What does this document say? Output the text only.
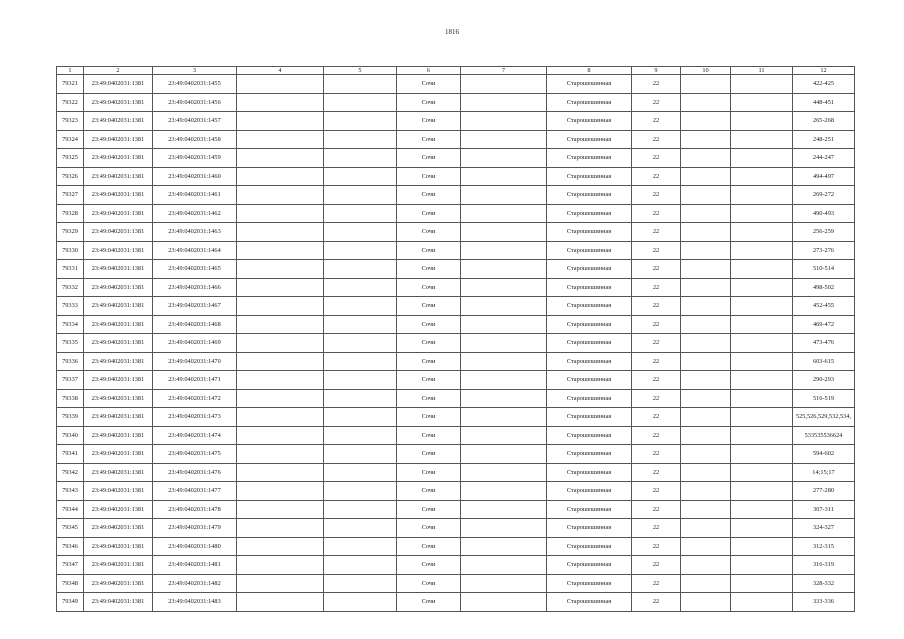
1816
1	2	3	4	5	6	7	8	9	10	11	12
79321	23:49:0402031:1381	23:49:0402031:1455			Сочи		Старошешинная	22			422-425
79322	23:49:0402031:1381	23:49:0402031:1456			Сочи		Старошешинная	22			448-451
79323	23:49:0402031:1381	23:49:0402031:1457			Сочи		Старошешинная	22			265-268
79324	23:49:0402031:1381	23:49:0402031:1458			Сочи		Старошешинная	22			248-251
79325	23:49:0402031:1381	23:49:0402031:1459			Сочи		Старошешинная	22			244-247
79326	23:49:0402031:1381	23:49:0402031:1460			Сочи		Старошешинная	22			494-497
79327	23:49:0402031:1381	23:49:0402031:1461			Сочи		Старошешинная	22			269-272
79328	23:49:0402031:1381	23:49:0402031:1462			Сочи		Старошешинная	22			490-493
79329	23:49:0402031:1381	23:49:0402031:1463			Сочи		Старошешинная	22			256-259
79330	23:49:0402031:1381	23:49:0402031:1464			Сочи		Старошешинная	22			273-276
79331	23:49:0402031:1381	23:49:0402031:1465			Сочи		Старошешинная	22			510-514
79332	23:49:0402031:1381	23:49:0402031:1466			Сочи		Старошешинная	22			498-502
79333	23:49:0402031:1381	23:49:0402031:1467			Сочи		Старошешинная	22			452-455
79334	23:49:0402031:1381	23:49:0402031:1468			Сочи		Старошешинная	22			469-472
79335	23:49:0402031:1381	23:49:0402031:1469			Сочи		Старошешинная	22			473-476
79336	23:49:0402031:1381	23:49:0402031:1470			Сочи		Старошешинная	22			603-615
79337	23:49:0402031:1381	23:49:0402031:1471			Сочи		Старошешинная	22			290-293
79338	23:49:0402031:1381	23:49:0402031:1472			Сочи		Старошешинная	22			516-519
79339	23:49:0402031:1381	23:49:0402031:1473			Сочи		Старошешинная	22			525,526,529,532,534,
79340	23:49:0402031:1381	23:49:0402031:1474			Сочи		Старошешинная	22			533535536624
79341	23:49:0402031:1381	23:49:0402031:1475			Сочи		Старошешинная	22			594-602
79342	23:49:0402031:1381	23:49:0402031:1476			Сочи		Старошешинная	22			14;15;17
79343	23:49:0402031:1381	23:49:0402031:1477			Сочи		Старошешинная	22			277-280
79344	23:49:0402031:1381	23:49:0402031:1478			Сочи		Старошешинная	22			307-311
79345	23:49:0402031:1381	23:49:0402031:1479			Сочи		Старошешинная	22			324-327
79346	23:49:0402031:1381	23:49:0402031:1480			Сочи		Старошешинная	22			312-315
79347	23:49:0402031:1381	23:49:0402031:1481			Сочи		Старошешинная	22			316-319
79348	23:49:0402031:1381	23:49:0402031:1482			Сочи		Старошешинная	22			328-332
79349	23:49:0402031:1381	23:49:0402031:1483			Сочи		Старошешинная	22			333-336
